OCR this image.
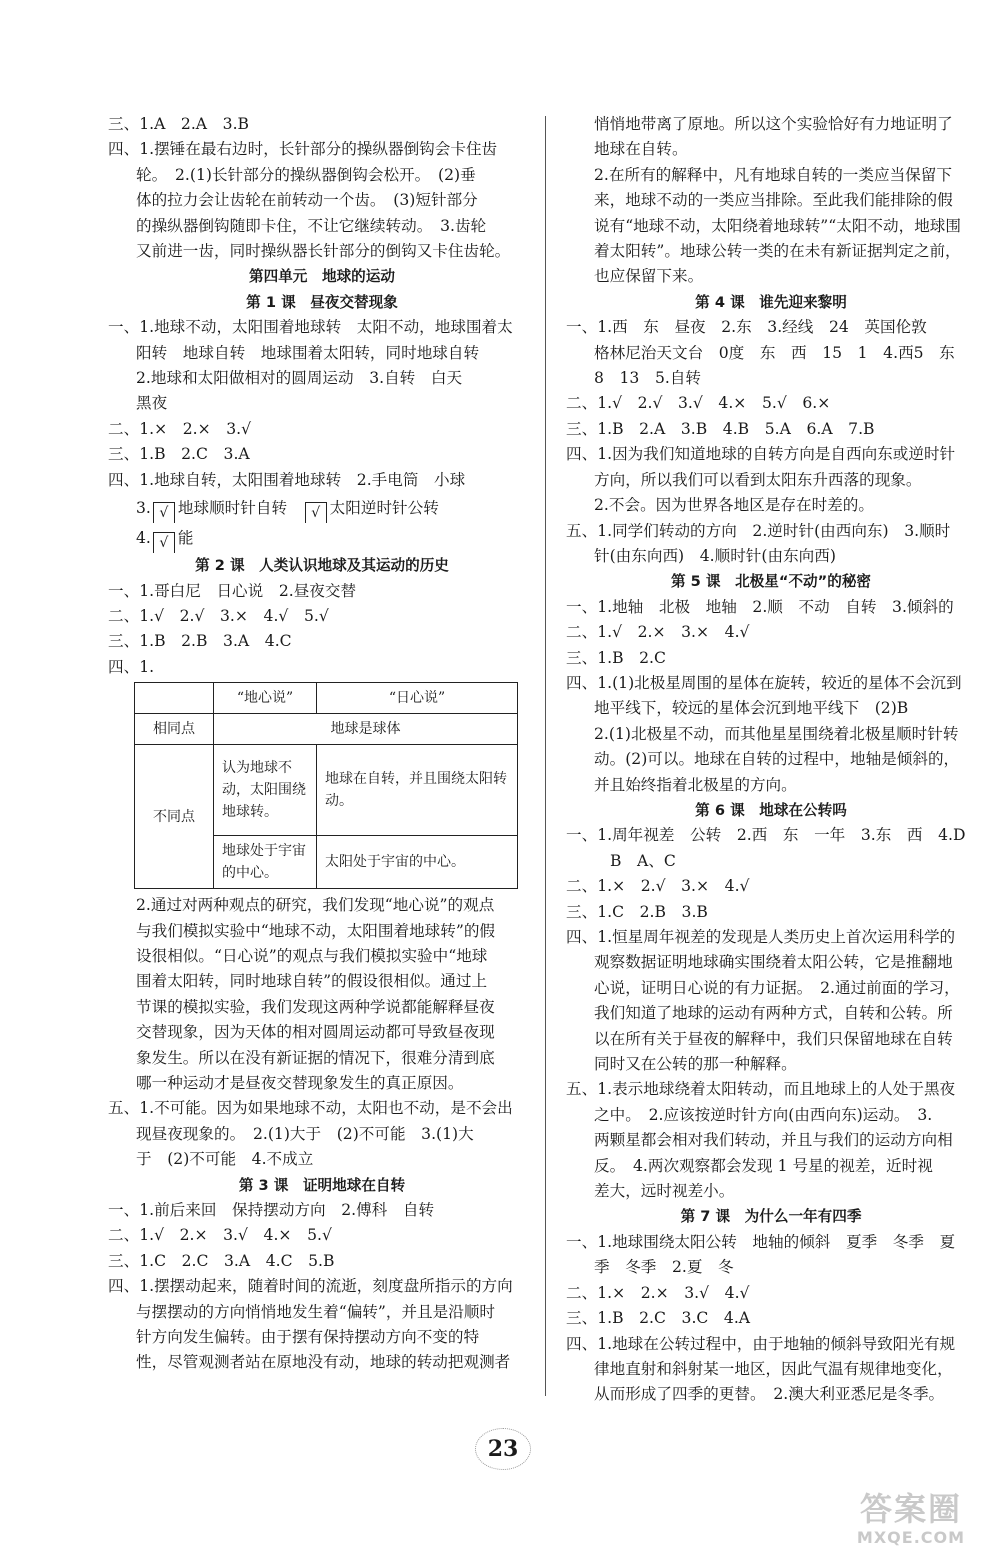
三、1.A　2.A　3.B
四、1.摆锤在最右边时，长针部分的操纵器倒钩会卡住齿
轮。　2.(1)长针部分的操纵器倒钩会松开。　(2)垂
体的拉力会让齿轮在前转动一个齿。　(3)短针部分
的操纵器倒钩随即卡住，不让它继续转动。　3.齿轮
又前进一齿，同时操纵器长针部分的倒钩又卡住齿轮。
第四单元　地球的运动
第 1 课　昼夜交替现象
一、1.地球不动，太阳围着地球转　太阳不动，地球围着太
阳转　地球自转　地球围着太阳转，同时地球自转
2.地球和太阳做相对的圆周运动　3.自转　白天
黑夜
二、1.×　2.×　3.√
三、1.B　2.C　3.A
四、1.地球自转，太阳围着地球转　2.手电筒　小球
3. √ 地球顺时针自转　 √ 太阳逆时针公转
4. √ 能
第 2 课　人类认识地球及其运动的历史
一、1.哥白尼　日心说　2.昼夜交替
二、1.√　2.√　3.×　4.√　5.√
三、1.B　2.B　3.A　4.C
四、1.
	“地心说”	“日心说”
相同点	地球是球体	
不同点	认为地球不动，太阳围绕地球转。	地球在自转，并且围绕太阳转动。
	地球处于宇宙的中心。	太阳处于宇宙的中心。
2.通过对两种观点的研究，我们发现“地心说”的观点
与我们模拟实验中“地球不动，太阳围着地球转”的假
设很相似。“日心说”的观点与我们模拟实验中“地球
围着太阳转，同时地球自转”的假设很相似。通过上
节课的模拟实验，我们发现这两种学说都能解释昼夜
交替现象，因为天体的相对圆周运动都可导致昼夜现
象发生。所以在没有新证据的情况下，很难分清到底
哪一种运动才是昼夜交替现象发生的真正原因。
五、1.不可能。因为如果地球不动，太阳也不动，是不会出
现昼夜现象的。　2.(1)大于　(2)不可能　3.(1)大
于　(2)不可能　4.不成立
第 3 课　证明地球在自转
一、1.前后来回　保持摆动方向　2.傅科　自转
二、1.√　2.×　3.√　4.×　5.√
三、1.C　2.C　3.A　4.C　5.B
四、1.摆摆动起来，随着时间的流逝，刻度盘所指示的方向
与摆摆动的方向悄悄地发生着“偏转”，并且是沿顺时
针方向发生偏转。由于摆有保持摆动方向不变的特
性，尽管观测者站在原地没有动，地球的转动把观测者
悄悄地带离了原地。所以这个实验恰好有力地证明了
地球在自转。
2.在所有的解释中，凡有地球自转的一类应当保留下
来，地球不动的一类应当排除。至此我们能排除的假
说有“地球不动，太阳绕着地球转”“太阳不动，地球围
着太阳转”。地球公转一类的在未有新证据判定之前，
也应保留下来。
第 4 课　谁先迎来黎明
一、1.西　东　昼夜　2.东　3.经线　24　英国伦敦
格林尼治天文台　0度　东　西　15　1　4.西5　东
8　13　5.自转
二、1.√　2.√　3.√　4.×　5.√　6.×
三、1.B　2.A　3.B　4.B　5.A　6.A　7.B
四、1.因为我们知道地球的自转方向是自西向东或逆时针
方向，所以我们可以看到太阳东升西落的现象。
2.不会。因为世界各地区是存在时差的。
五、1.同学们转动的方向　2.逆时针(由西向东)　3.顺时
针(由东向西)　4.顺时针(由东向西)
第 5 课　北极星“不动”的秘密
一、1.地轴　北极　地轴　2.顺　不动　自转　3.倾斜的
二、1.√　2.×　3.×　4.√
三、1.B　2.C
四、1.(1)北极星周围的星体在旋转，较近的星体不会沉到
地平线下，较远的星体会沉到地平线下　(2)B
2.(1)北极星不动，而其他星星围绕着北极星顺时针转
动。(2)可以。地球在自转的过程中，地轴是倾斜的，
并且始终指着北极星的方向。
第 6 课　地球在公转吗
一、1.周年视差　公转　2.西　东　一年　3.东　西　4.D
B　A、C
二、1.×　2.√　3.×　4.√
三、1.C　2.B　3.B
四、1.恒星周年视差的发现是人类历史上首次运用科学的
观察数据证明地球确实围绕着太阳公转，它是推翻地
心说，证明日心说的有力证据。　2.通过前面的学习，
我们知道了地球的运动有两种方式，自转和公转。所
以在所有关于昼夜的解释中，我们只保留地球在自转
同时又在公转的那一种解释。
五、1.表示地球绕着太阳转动，而且地球上的人处于黑夜
之中。　2.应该按逆时针方向(由西向东)运动。　3.
两颗星都会相对我们转动，并且与我们的运动方向相
反。　4.两次观察都会发现 1 号星的视差，近时视
差大，远时视差小。
第 7 课　为什么一年有四季
一、1.地球围绕太阳公转　地轴的倾斜　夏季　冬季　夏
季　冬季　2.夏　冬
二、1.×　2.×　3.√　4.√
三、1.B　2.C　3.C　4.A
四、1.地球在公转过程中，由于地轴的倾斜导致阳光有规
律地直射和斜射某一地区，因此气温有规律地变化，
从而形成了四季的更替。　2.澳大利亚悉尼是冬季。
23
答案圈
MXQE.COM
